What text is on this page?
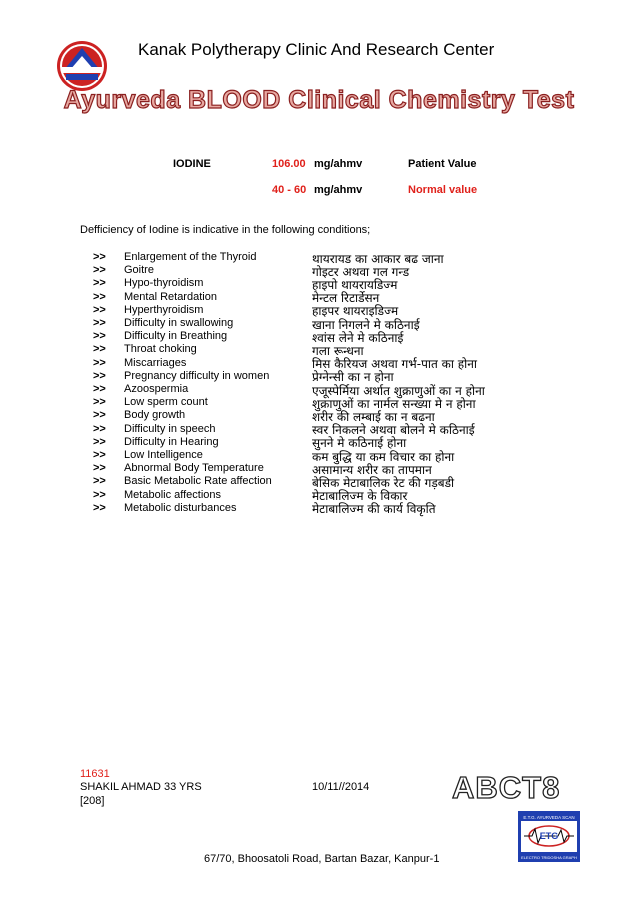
Kanak Polytherapy Clinic And Research Center
Ayurveda BLOOD Clinical Chemistry Test
IODINE	106.00 mg/ahmv	Patient Value
40 - 60 mg/ahmv	Normal value
Defficiency of Iodine is indicative in the following conditions;
>> Enlargement of the Thyroid	थायरायड का आकार बढ जाना
>> Goitre	गोइटर अथवा गल गन्ड
>> Hypo-thyroidism	हाइपो थायरायडिज्म
>> Mental Retardation	मेन्टल रिटार्डेसन
>> Hyperthyroidism	हाइपर थायराइडिज्म
>> Difficulty in swallowing	खाना निगलने मे कठिनाई
>> Difficulty in Breathing	श्वांस लेने मे कठिनाई
>> Throat choking	गला रून्धना
>> Miscarriages	मिस कैरियज अथवा गर्भ-पात का होना
>> Pregnancy difficulty in women	प्रेग्नेन्सी का न होना
>> Azoospermia	एजूस्पेर्मिया अर्थात शुक्राणुओं का न होना
>> Low sperm count	शुक्राणुओं का नार्मल सन्ख्या मे न होना
>> Body growth	शरीर की लम्बाई का न बढना
>> Difficulty in speech	स्वर निकलने अथवा बोलने मे कठिनाई
>> Difficulty in Hearing	सुनने मे कठिनाई होना
>> Low Intelligence	कम बुद्धि या कम विचार का होना
>> Abnormal Body Temperature	असामान्य शरीर का तापमान
>> Basic Metabolic Rate affection	बेसिक मेटाबालिक रेट की गड़बडी
>> Metabolic affections	मेटाबालिज्म के विकार
>> Metabolic disturbances	मेटाबालिज्म की कार्य विकृति
11631
SHAKIL AHMAD 33 YRS	10/11//2014
[208]	ABCT8
E.T.G. AYURVEDA SCAN
ETG
ELECTRO TRIDOSHA GRAPH
67/70, Bhoosatoli Road, Bartan Bazar, Kanpur-1
